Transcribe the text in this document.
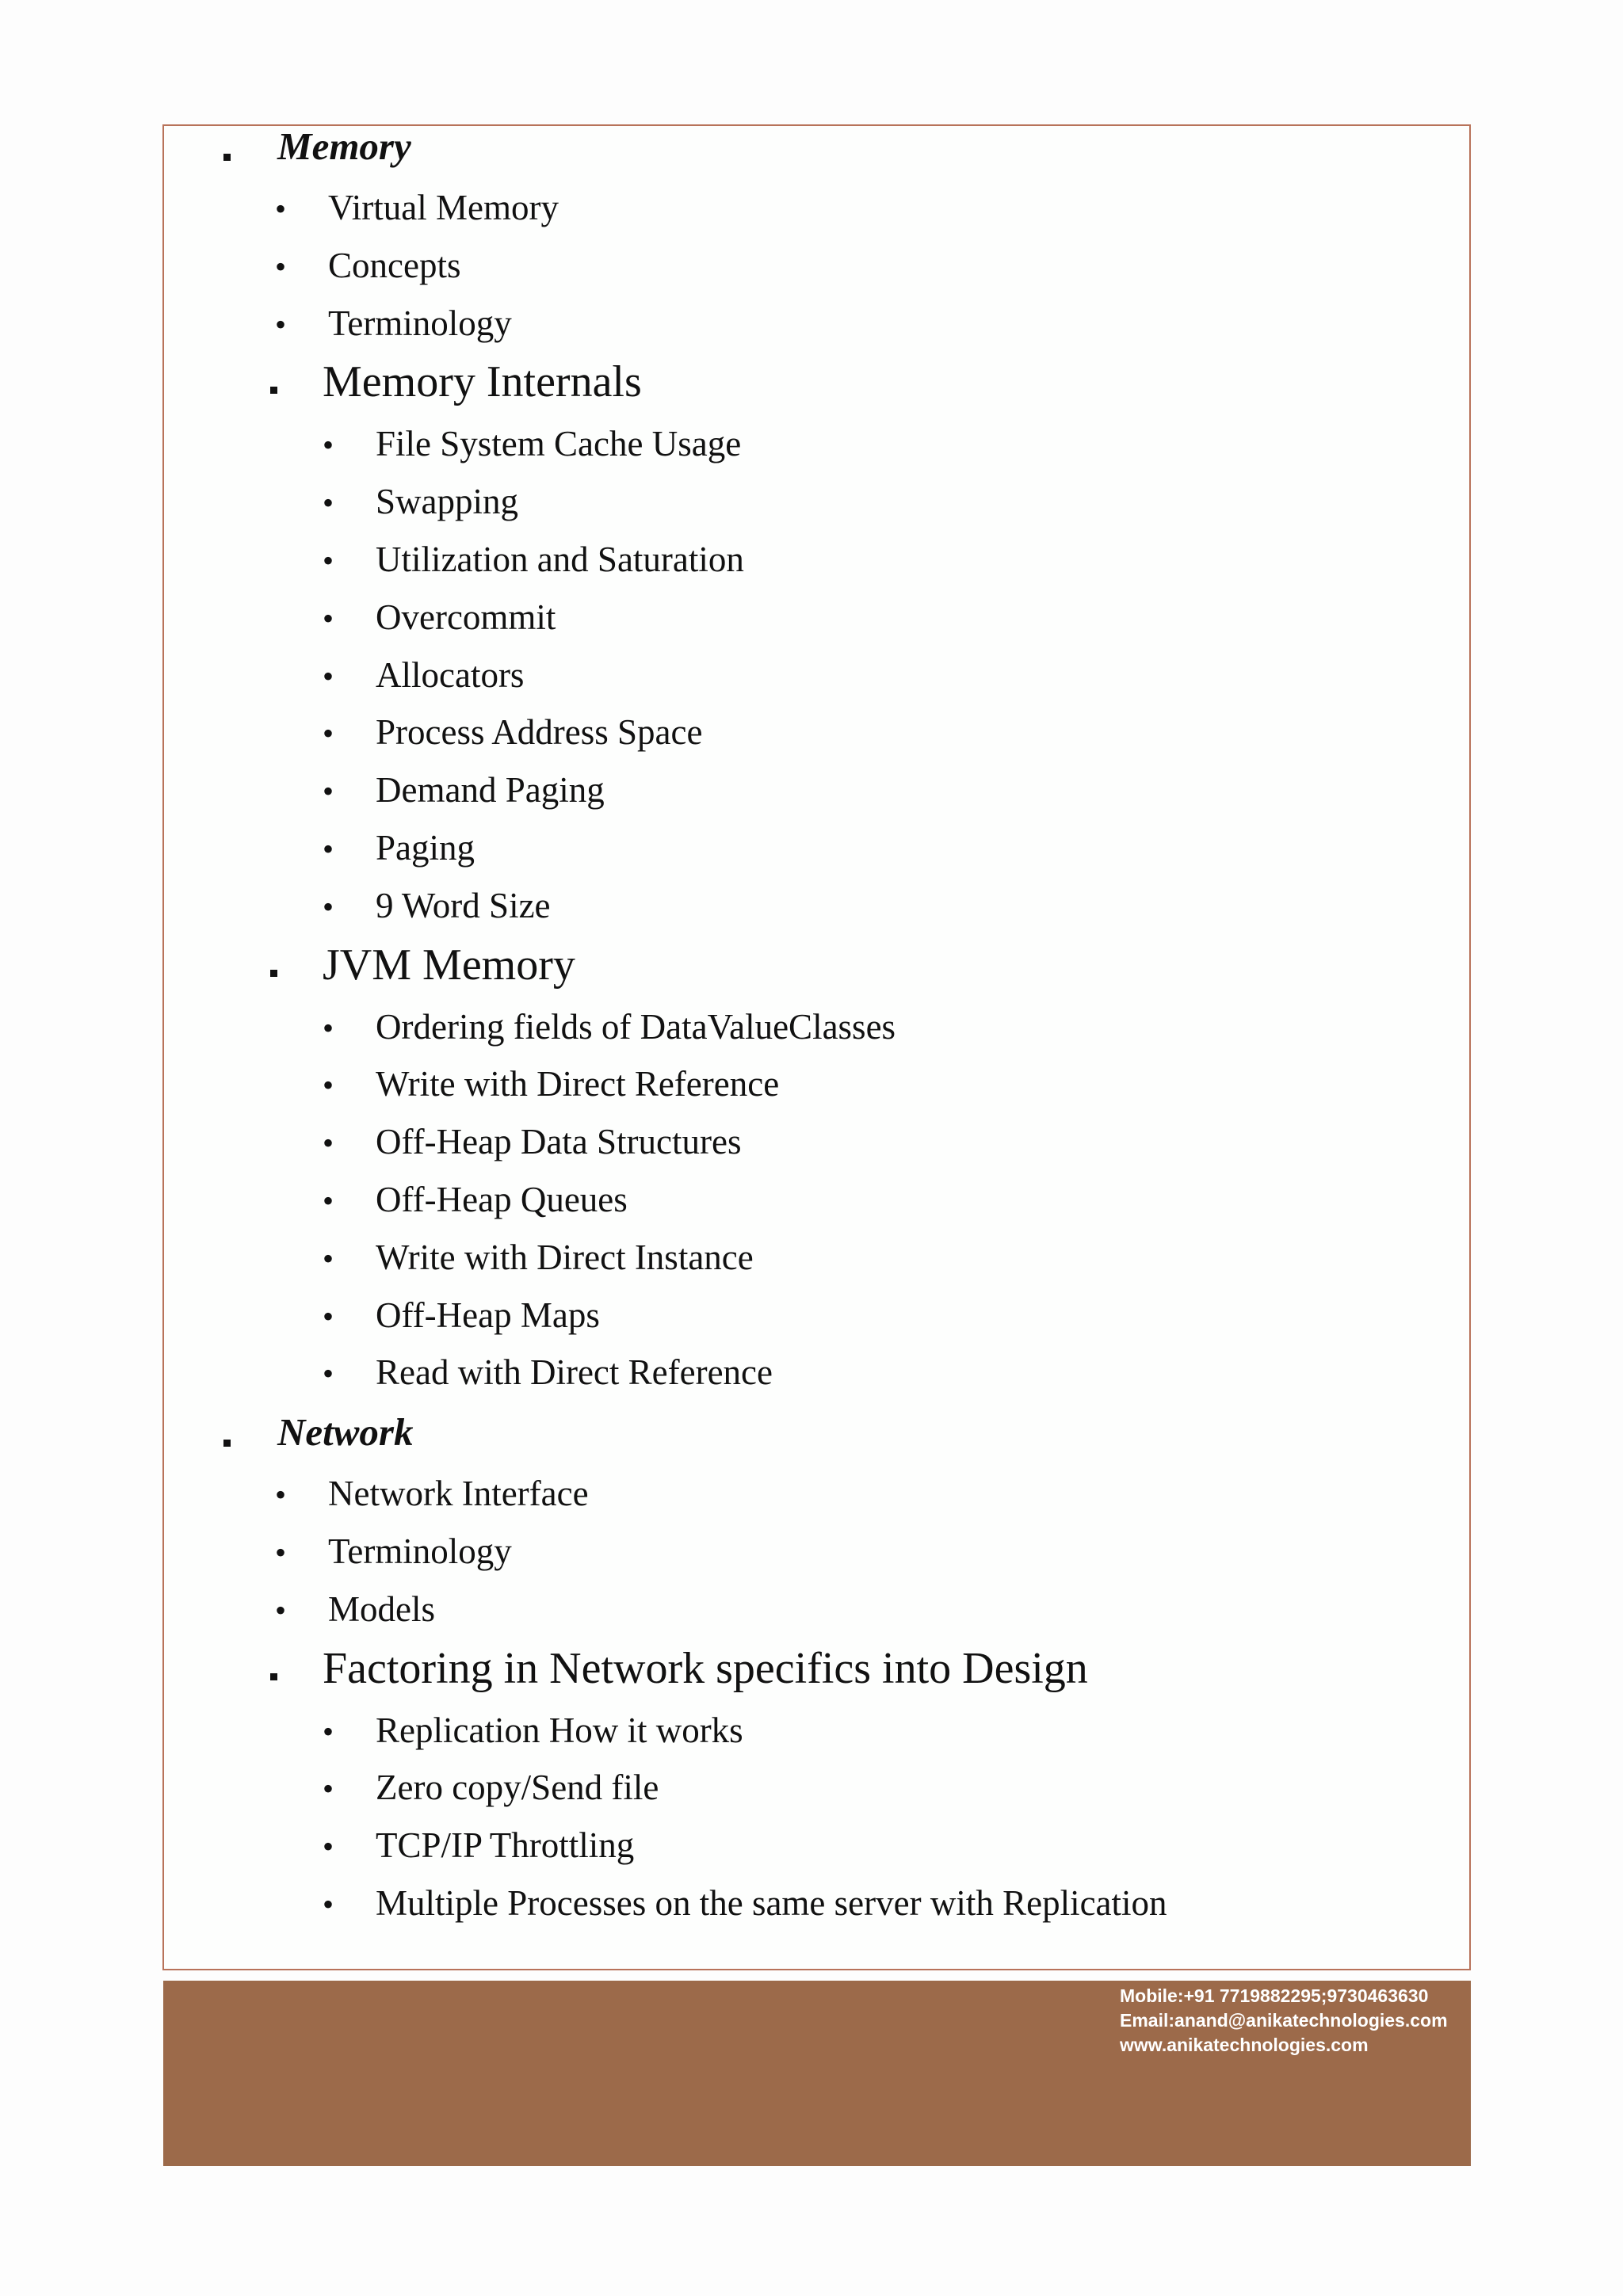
Memory
• Virtual Memory
• Concepts
• Terminology
Memory Internals
• File System Cache Usage
• Swapping
• Utilization and Saturation
• Overcommit
• Allocators
• Process Address Space
• Demand Paging
• Paging
• 9 Word Size
JVM Memory
• Ordering fields of DataValueClasses
• Write with Direct Reference
• Off-Heap Data Structures
• Off-Heap Queues
• Write with Direct Instance
• Off-Heap Maps
• Read with Direct Reference
Network
• Network Interface
• Terminology
• Models
Factoring in Network specifics into Design
• Replication How it works
• Zero copy/Send file
• TCP/IP Throttling
• Multiple Processes on the same server with Replication
Mobile:+91 7719882295;9730463630
Email:anand@anikatechnologies.com
www.anikatechnologies.com
